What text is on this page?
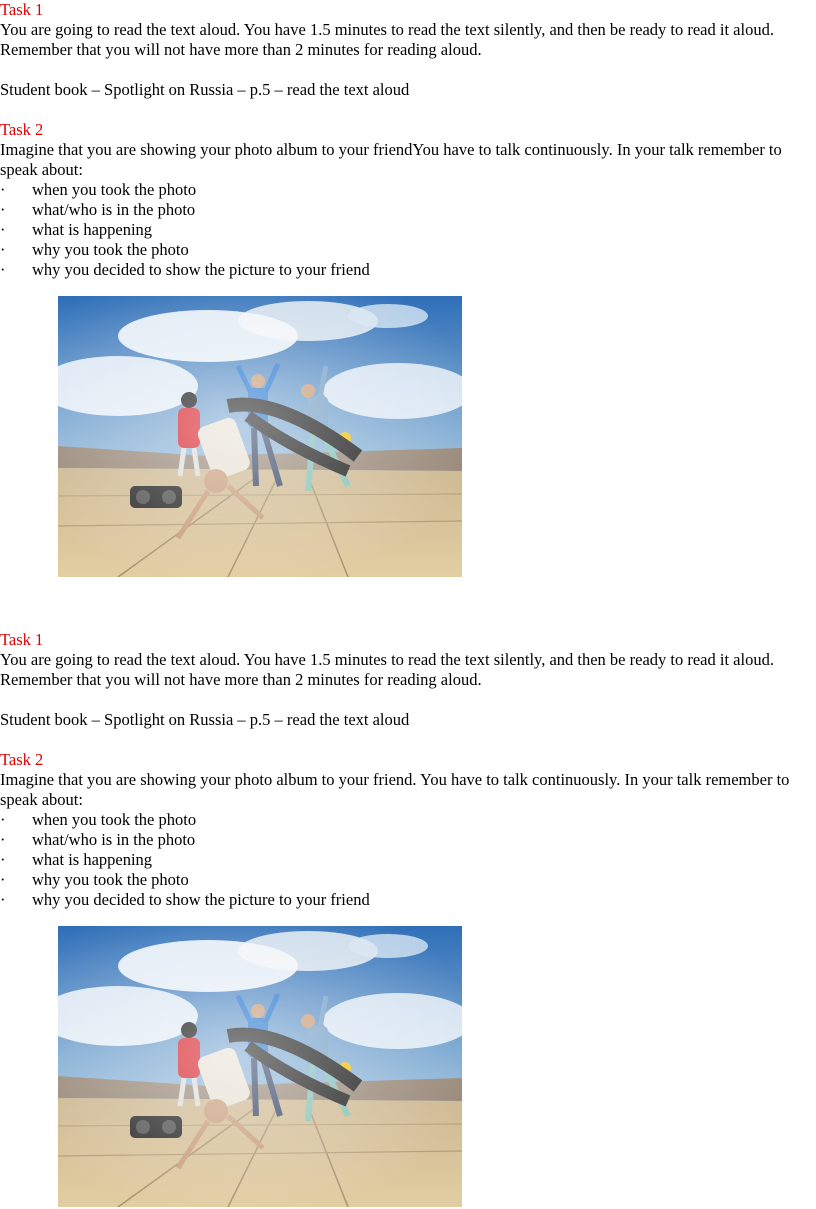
Task 1
You are going to read the text aloud. You have 1.5 minutes to read the text silently, and then be ready to read it aloud. Remember that you will not have more than 2 minutes for reading aloud.
Student book – Spotlight on Russia – p.5 – read the text aloud
Task 2
Imagine that you are showing your photo album to your friendYou have to talk continuously. In your talk remember to speak about:
·	when you took the photo
·	what/who is in the photo
·	what is happening
·	why you took the photo
·	why you decided to show the picture to your friend
Task 1
You are going to read the text aloud. You have 1.5 minutes to read the text silently, and then be ready to read it aloud. Remember that you will not have more than 2 minutes for reading aloud.
Student book – Spotlight on Russia – p.5 – read the text aloud
Task 2
Imagine that you are showing your photo album to your friend. You have to talk continuously. In your talk remember to speak about:
·	when you took the photo
·	what/who is in the photo
·	what is happening
·	why you took the photo
·	why you decided to show the picture to your friend
